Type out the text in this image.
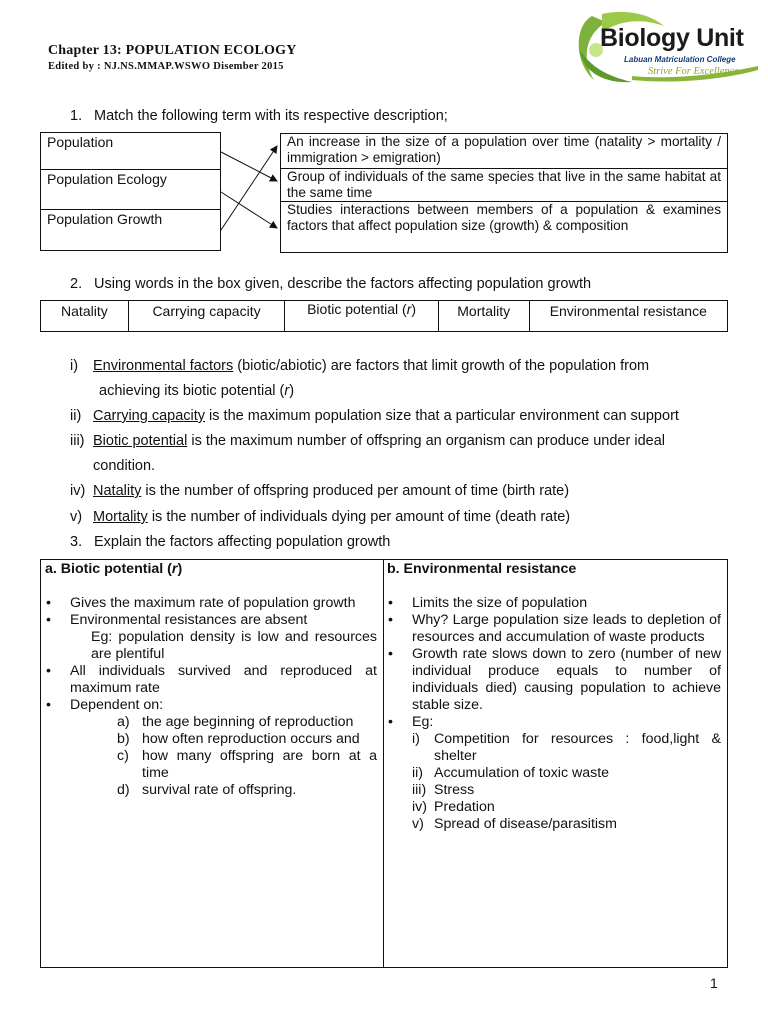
Chapter 13: POPULATION ECOLOGY
Edited by : NJ.NS.MMAP.WSWO Disember 2015
Biology Unit
Labuan Matriculation College
Strive For Excellence
1. Match the following term with its respective description;
Population
Population Ecology
Population Growth
An increase in the size of a population over time (natality > mortality / immigration > emigration)
Group of individuals of the same species that live in the same habitat at the same time
Studies interactions between members of a population & examines factors that affect population size (growth) & composition
2. Using words in the box given, describe the factors affecting population growth
Natality	Carrying capacity	Biotic potential (r)	Mortality	Environmental resistance
i) Environmental factors (biotic/abiotic) are factors that limit growth of the population from
achieving its biotic potential (r)
ii) Carrying capacity is the maximum population size that a particular environment can support
iii) Biotic potential is the maximum number of offspring an organism can produce under ideal
condition.
iv) Natality is the number of offspring produced per amount of time (birth rate)
v) Mortality is the number of individuals dying per amount of time (death rate)
3. Explain the factors affecting population growth
a. Biotic potential (r)
• Gives the maximum rate of population growth
• Environmental resistances are absent
Eg: population density is low and resources are plentiful
• All individuals survived and reproduced at maximum rate
• Dependent on:
a) the age beginning of reproduction
b) how often reproduction occurs and
c) how many offspring are born at a time
d) survival rate of offspring.
b. Environmental resistance
• Limits the size of population
• Why? Large population size leads to depletion of resources and accumulation of waste products
• Growth rate slows down to zero (number of new individual produce equals to number of individuals died) causing population to achieve stable size.
• Eg:
i) Competition for resources : food,light & shelter
ii) Accumulation of toxic waste
iii) Stress
iv) Predation
v) Spread of disease/parasitism
1
